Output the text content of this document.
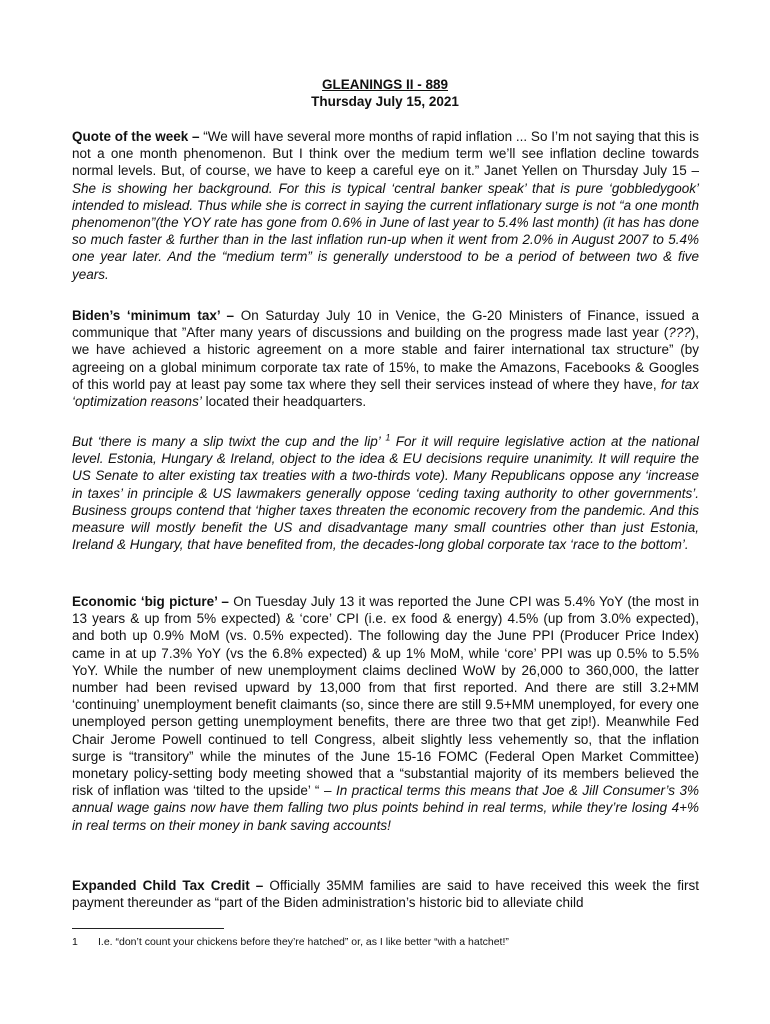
GLEANINGS II - 889
Thursday July 15, 2021
Quote of the week – “We will have several more months of rapid inflation ... So I’m not saying that this is not a one month phenomenon. But I think over the medium term we’ll see inflation decline towards normal levels. But, of course, we have to keep a careful eye on it.” Janet Yellen on Thursday July 15 – She is showing her background. For this is typical ‘central banker speak’ that is pure ‘gobbledygook’ intended to mislead. Thus while she is correct in saying the current inflationary surge is not “a one month phenomenon”(the YOY rate has gone from 0.6% in June of last year to 5.4% last month) (it has has done so much faster & further than in the last inflation run-up when it went from 2.0% in August 2007 to 5.4% one year later. And the “medium term” is generally understood to be a period of between two & five years.
Biden’s ‘minimum tax’ – On Saturday July 10 in Venice, the G-20 Ministers of Finance, issued a communique that ”After many years of discussions and building on the progress made last year (???), we have achieved a historic agreement on a more stable and fairer international tax structure” (by agreeing on a global minimum corporate tax rate of 15%, to make the Amazons, Facebooks & Googles of this world pay at least pay some tax where they sell their services instead of where they have, for tax ‘optimization reasons’ located their headquarters.
But ‘there is many a slip twixt the cup and the lip’ $^1$ For it will require legislative action at the national level. Estonia, Hungary & Ireland, object to the idea & EU decisions require unanimity. It will require the US Senate to alter existing tax treaties with a two-thirds vote). Many Republicans oppose any ‘increase in taxes’ in principle & US lawmakers generally oppose ‘ceding taxing authority to other governments’. Business groups contend that ‘higher taxes threaten the economic recovery from the pandemic. And this measure will mostly benefit the US and disadvantage many small countries other than just Estonia, Ireland & Hungary, that have benefited from, the decades-long global corporate tax ‘race to the bottom’.
Economic ‘big picture’ – On Tuesday July 13 it was reported the June CPI was 5.4% YoY (the most in 13 years & up from 5% expected) & ‘core’ CPI (i.e. ex food & energy) 4.5% (up from 3.0% expected), and both up 0.9% MoM (vs. 0.5% expected). The following day the June PPI (Producer Price Index) came in at up 7.3% YoY (vs the 6.8% expected) & up 1% MoM, while ‘core’ PPI was up 0.5% to 5.5% YoY. While the number of new unemployment claims declined WoW by 26,000 to 360,000, the latter number had been revised upward by 13,000 from that first reported. And there are still 3.2+MM ‘continuing’ unemployment benefit claimants (so, since there are still 9.5+MM unemployed, for every one unemployed person getting unemployment benefits, there are three two that get zip!). Meanwhile Fed Chair Jerome Powell continued to tell Congress, albeit slightly less vehemently so, that the inflation surge is “transitory” while the minutes of the June 15-16 FOMC (Federal Open Market Committee) monetary policy-setting body meeting showed that a “substantial majority of its members believed the risk of inflation was ‘tilted to the upside’ “ – In practical terms this means that Joe & Jill Consumer’s 3% annual wage gains now have them falling two plus points behind in real terms, while they’re losing 4+% in real terms on their money in bank saving accounts!
Expanded Child Tax Credit – Officially 35MM families are said to have received this week the first payment thereunder as “part of the Biden administration’s historic bid to alleviate child
1 I.e. “don’t count your chickens before they’re hatched” or, as I like better “with a hatchet!”
